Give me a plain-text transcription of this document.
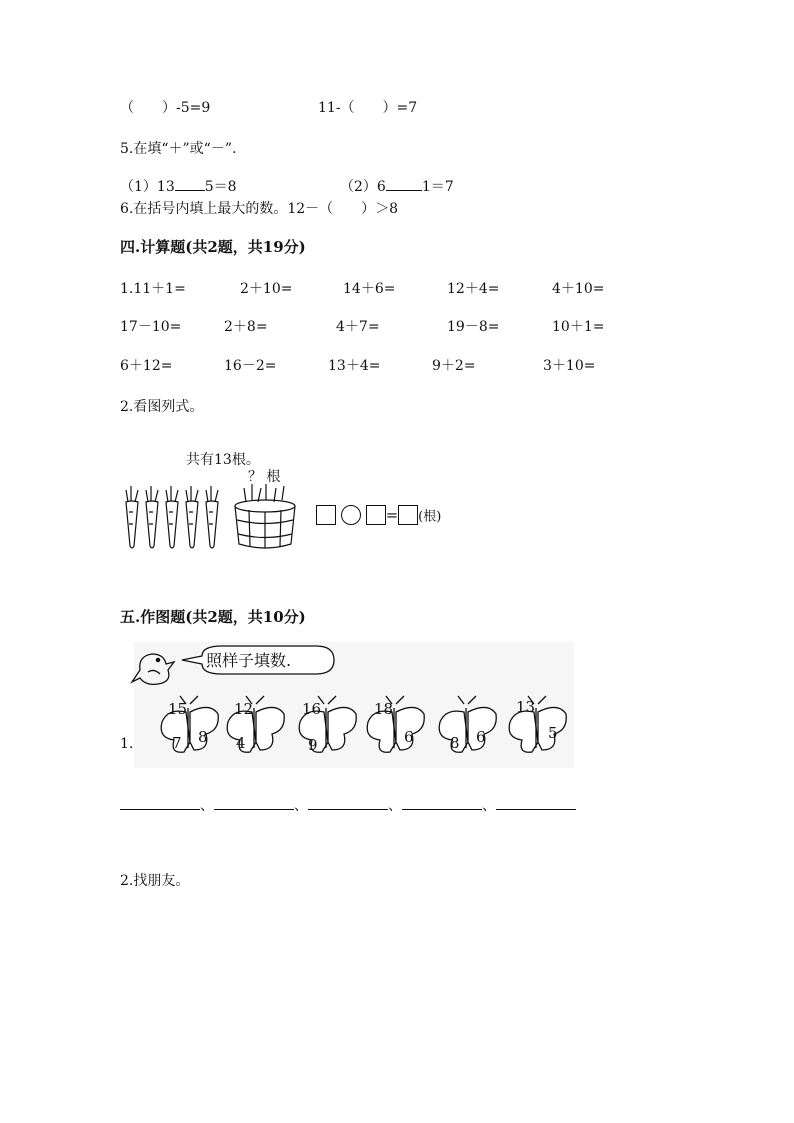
（　　）-5=9	11-（　　）=7
5.在填“＋”或“－”.
（1）13 5＝8	（2）6	1＝7
6.在括号内填上最大的数。12－（　　）＞8
四.计算题(共2题，共19分)
1.11＋1=	2＋10=	14＋6=	12＋4=	4＋10=
17－10=	2＋8=	4＋7=	19－8=	10＋1=
6＋12=	16－2=	13＋4=	9＋2=	3＋10=
2.看图列式。
共有13根。
？ 根
= (根)
五.作图题(共2题，共10分)
照样子填数.
1.
15
7 8
12
4
16
9
18
6 8 6
13
5
、	、	、	、
2.找朋友。
